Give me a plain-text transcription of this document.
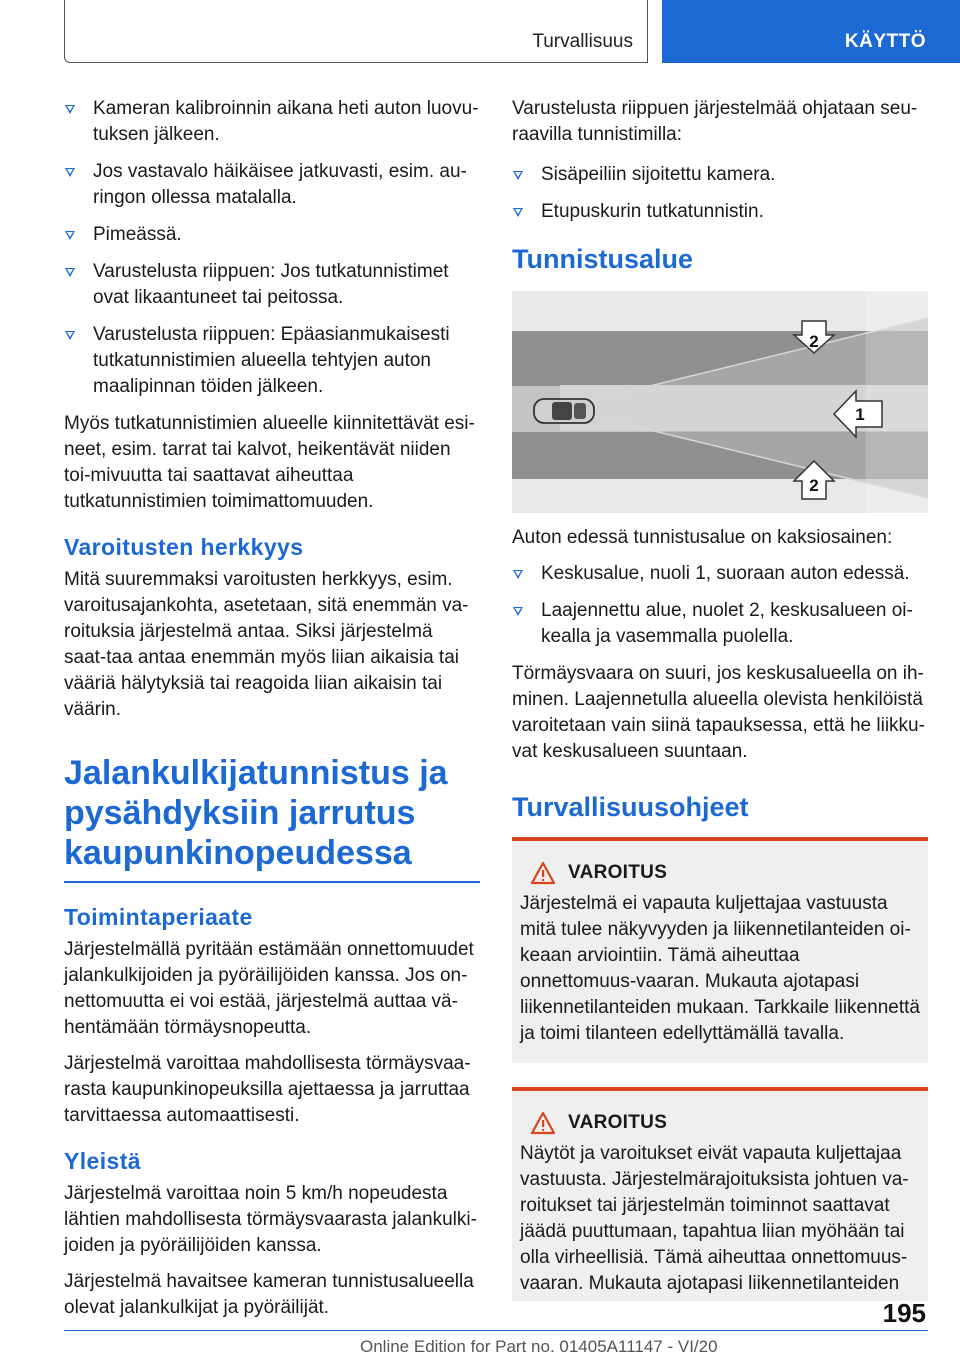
Turvallisuus	KÄYTTÖ
Kameran kalibroinnin aikana heti auton luovu-tuksen jälkeen.
Jos vastavalo häikäisee jatkuvasti, esim. au-ringon ollessa matalalla.
Pimeässä.
Varustelusta riippuen: Jos tutkatunnistimet ovat likaantuneet tai peitossa.
Varustelusta riippuen: Epäasianmukaisesti tutkatunnistimien alueella tehtyjen auton maalipinnan töiden jälkeen.

Myös tutkatunnistimien alueelle kiinnitettävät esi-neet, esim. tarrat tai kalvot, heikentävät niiden toi-mivuutta tai saattavat aiheuttaa tutkatunnistimien toimimattomuuden.

Varoitusten herkkyys

Mitä suuremmaksi varoitusten herkkyys, esim. varoitusajankohta, asetetaan, sitä enemmän va-roituksia järjestelmä antaa. Siksi järjestelmä saat-taa antaa enemmän myös liian aikaisia tai vääriä hälytyksiä tai reagoida liian aikaisin tai väärin.

Jalankulkijatunnistus ja pysähdyksiin jarrutus kaupunkinopeudessa
Toimintaperiaate

Järjestelmällä pyritään estämään onnettomuudet jalankulkijoiden ja pyöräilijöiden kanssa. Jos on-nettomuutta ei voi estää, järjestelmä auttaa vä-hentämään törmäysnopeutta.

Järjestelmä varoittaa mahdollisesta törmäysvaa-rasta kaupunkinopeuksilla ajettaessa ja jarruttaa tarvittaessa automaattisesti.

Yleistä

Järjestelmä varoittaa noin 5 km/h nopeudesta lähtien mahdollisesta törmäysvaarasta jalankulki-joiden ja pyöräilijöiden kanssa.

Järjestelmä havaitsee kameran tunnistusalueella olevat jalankulkijat ja pyöräilijät.

Varustelusta riippuen järjestelmää ohjataan seu-raavilla tunnistimilla:

Sisäpeiliin sijoitettu kamera.
Etupuskurin tutkatunnistin.
Tunnistusalue
2
1
2

Auton edessä tunnistusalue on kaksiosainen:

Keskusalue, nuoli 1, suoraan auton edessä.
Laajennettu alue, nuolet 2, keskusalueen oi-kealla ja vasemmalla puolella.

Törmäysvaara on suuri, jos keskusalueella on ih-minen. Laajennetulla alueella olevista henkilöistä varoitetaan vain siinä tapauksessa, että he liikku-vat keskusalueen suuntaan.

Turvallisuusohjeet
VAROITUS
Järjestelmä ei vapauta kuljettajaa vastuusta mitä tulee näkyvyyden ja liikennetilanteiden oi-keaan arviointiin. Tämä aiheuttaa onnettomuus-vaaran. Mukauta ajotapasi liikennetilanteiden mukaan. Tarkkaile liikennettä ja toimi tilanteen edellyttämällä tavalla.
VAROITUS
Näytöt ja varoitukset eivät vapauta kuljettajaa vastuusta. Järjestelmärajoituksista johtuen va-roitukset tai järjestelmän toiminnot saattavat jäädä puuttumaan, tapahtua liian myöhään tai olla virheellisiä. Tämä aiheuttaa onnettomuus-vaaran. Mukauta ajotapasi liikennetilanteiden
195
Online Edition for Part no. 01405A11147 - VI/20
